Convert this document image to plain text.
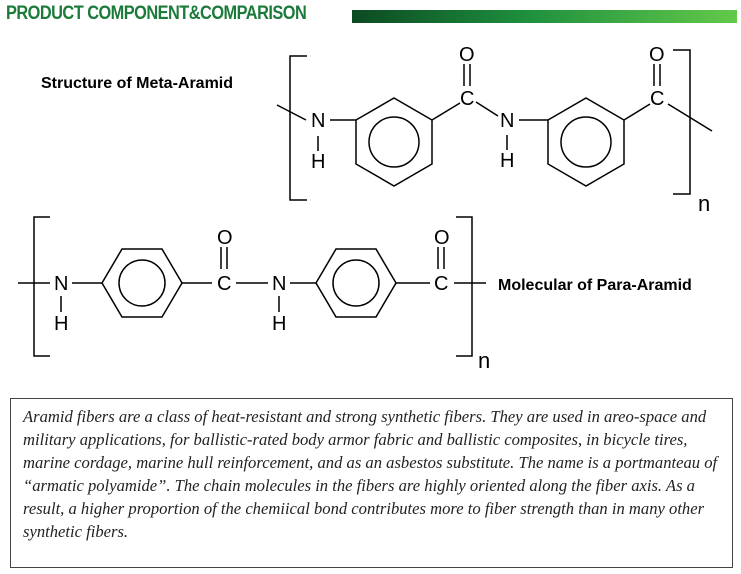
PRODUCT COMPONENT&COMPARISON
N
H
O
C
N
H
O
C
n
Structure of Meta-Aramid
N
H
O
C N
H
O
C
n
Molecular of Para-Aramid

Aramid fibers are a class of heat-resistant and strong synthetic fibers. They are used in areo-space and military applications, for ballistic-rated body armor fabric and ballistic composites, in bicycle tires, marine cordage, marine hull reinforcement, and as an asbestos substitute. The name is a portmanteau of “armatic polyamide”. The chain molecules in the fibers are highly oriented along the fiber axis. As a result, a higher proportion of the chemiical bond contributes more to fiber strength than in many other synthetic fibers.
